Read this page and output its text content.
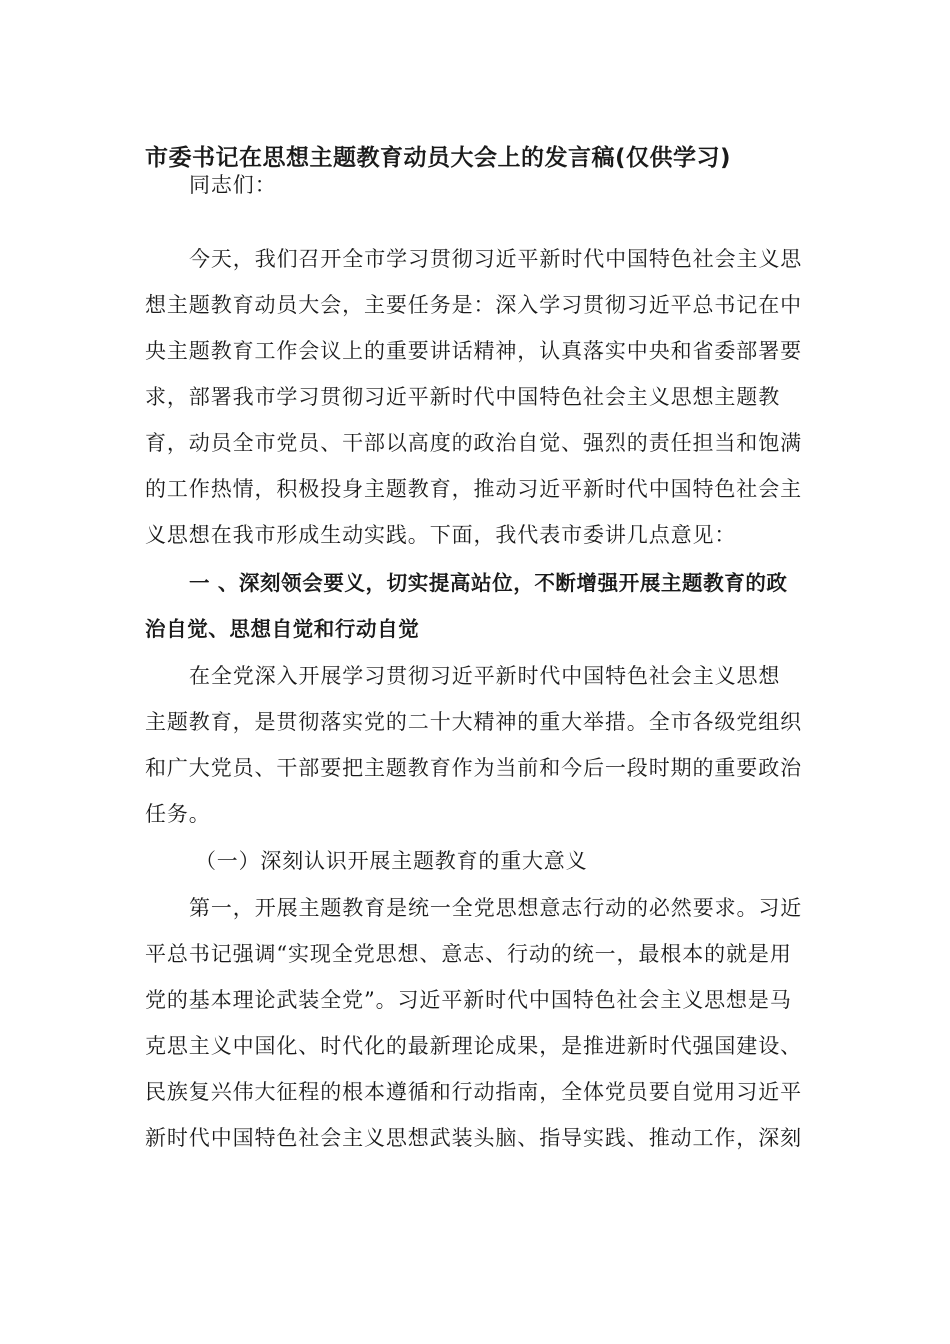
市委书记在思想主题教育动员大会上的发言稿(仅供学习)
同志们：
今天，我们召开全市学习贯彻习近平新时代中国特色社会主义思
想主题教育动员大会，主要任务是：深入学习贯彻习近平总书记在中
央主题教育工作会议上的重要讲话精神，认真落实中央和省委部署要
求，部署我市学习贯彻习近平新时代中国特色社会主义思想主题教
育，动员全市党员、干部以高度的政治自觉、强烈的责任担当和饱满
的工作热情，积极投身主题教育，推动习近平新时代中国特色社会主
义思想在我市形成生动实践。下面，我代表市委讲几点意见：
一 、深刻领会要义，切实提高站位，不断增强开展主题教育的政
治自觉、思想自觉和行动自觉
在全党深入开展学习贯彻习近平新时代中国特色社会主义思想
主题教育，是贯彻落实党的二十大精神的重大举措。全市各级党组织
和广大党员、干部要把主题教育作为当前和今后一段时期的重要政治
任务。
（一）深刻认识开展主题教育的重大意义
第一，开展主题教育是统一全党思想意志行动的必然要求。习近
平总书记强调“实现全党思想、意志、行动的统一，最根本的就是用
党的基本理论武装全党”。习近平新时代中国特色社会主义思想是马
克思主义中国化、时代化的最新理论成果，是推进新时代强国建设、
民族复兴伟大征程的根本遵循和行动指南，全体党员要自觉用习近平
新时代中国特色社会主义思想武装头脑、指导实践、推动工作，深刻
